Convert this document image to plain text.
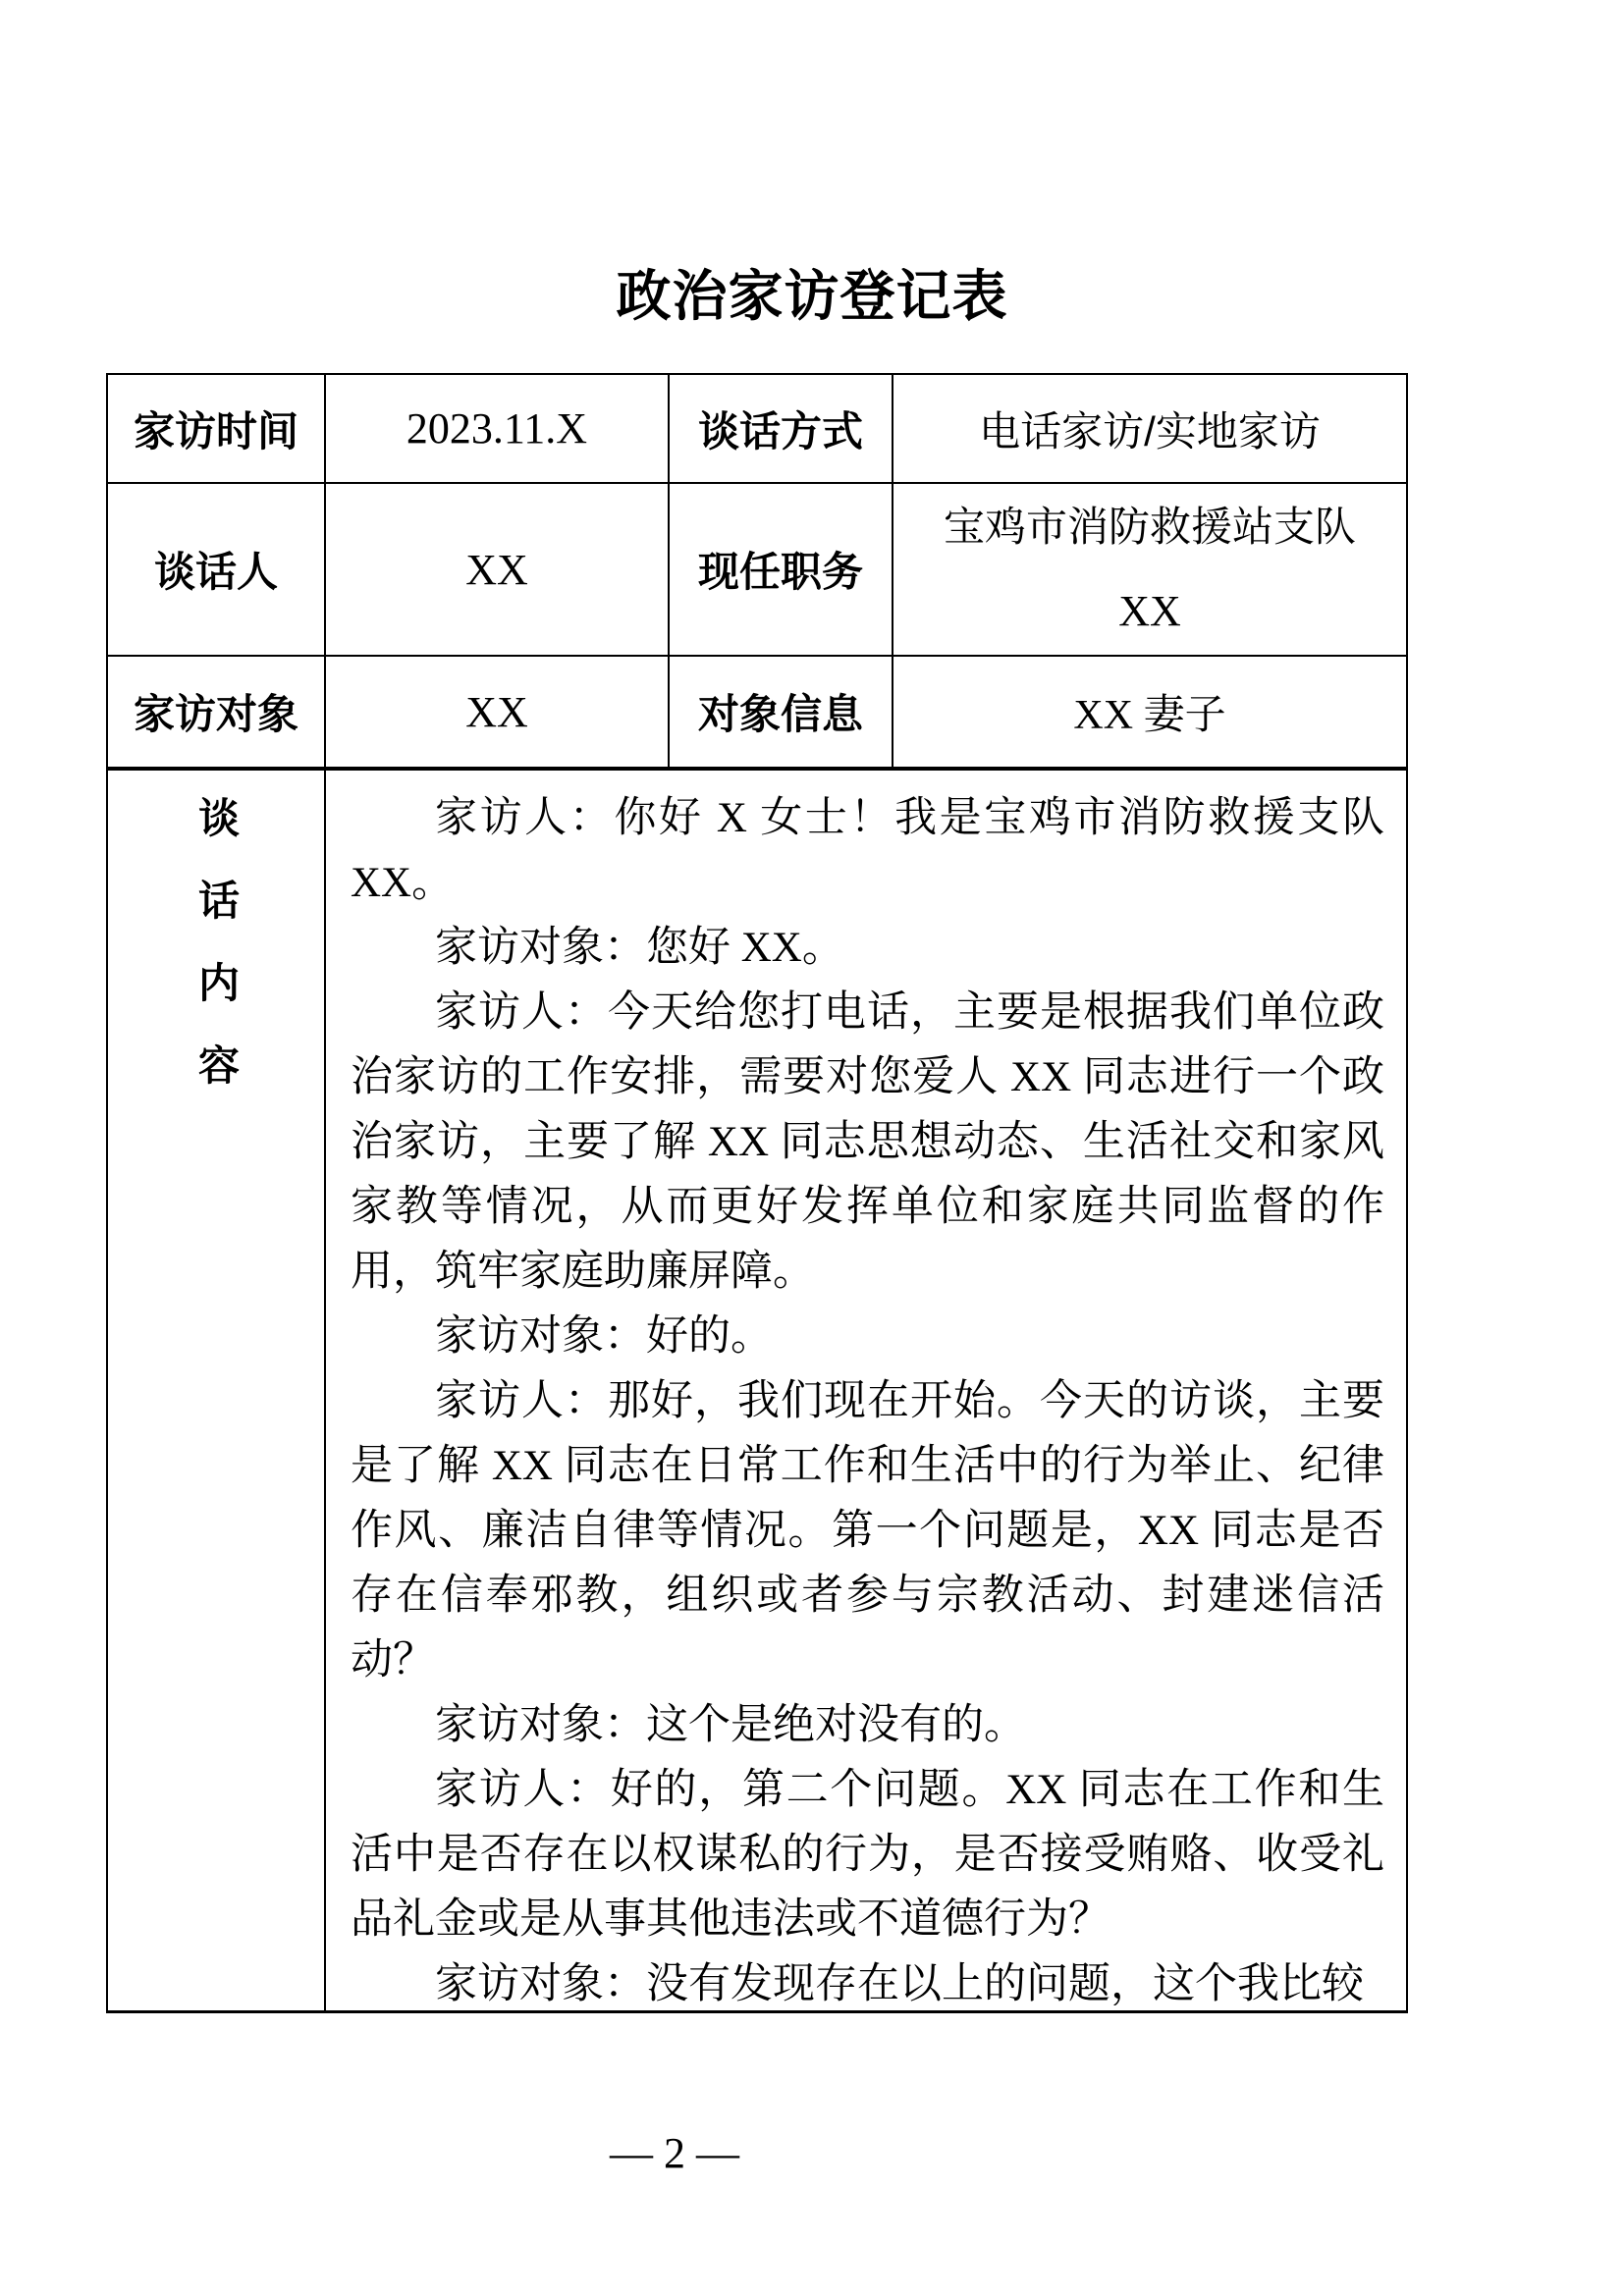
政治家访登记表
家访时间	2023.11.X	谈话方式	电话家访/实地家访
谈话人	XX	现任职务	宝鸡市消防救援站支队
XX

家访对象	XX	对象信息	XX 妻子
谈话内容	家访人：你好 X 女士！我是宝鸡市消防救援支队XX。

家访对象：您好 XX。

家访人：今天给您打电话，主要是根据我们单位政治家访的工作安排，需要对您爱人 XX 同志进行一个政治家访，主要了解 XX 同志思想动态、生活社交和家风家教等情况，从而更好发挥单位和家庭共同监督的作用，筑牢家庭助廉屏障。

家访对象：好的。

家访人：那好，我们现在开始。今天的访谈，主要是了解 XX 同志在日常工作和生活中的行为举止、纪律作风、廉洁自律等情况。第一个问题是，XX 同志是否存在信奉邪教，组织或者参与宗教活动、封建迷信活动？

家访对象：这个是绝对没有的。

家访人：好的，第二个问题。XX 同志在工作和生活中是否存在以权谋私的行为，是否接受贿赂、收受礼品礼金或是从事其他违法或不道德行为？

家访对象：没有发现存在以上的问题，这个我比较

— 2 —
